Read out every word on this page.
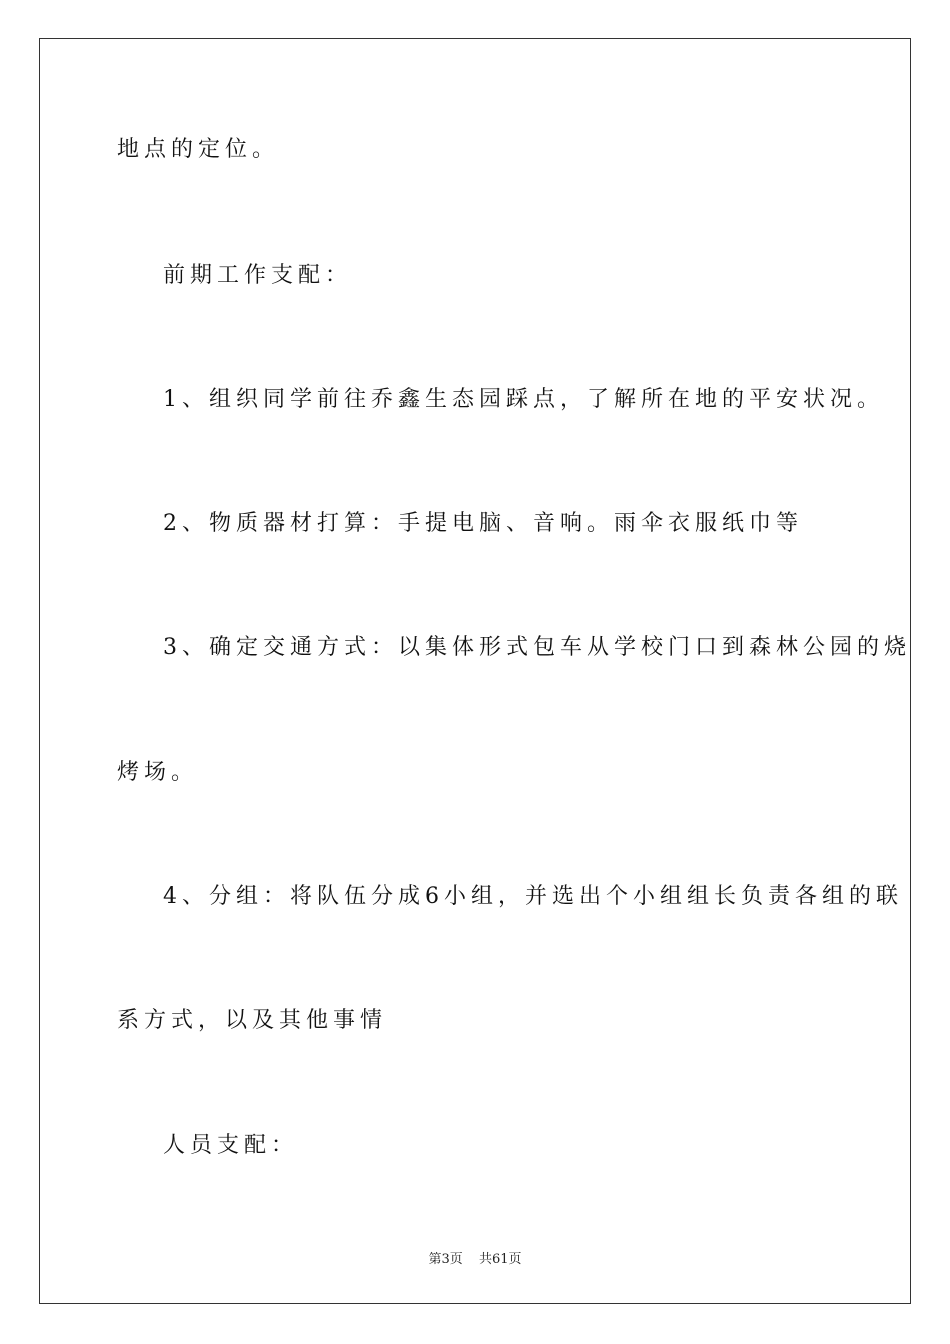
地点的定位。
前期工作支配：
1、组织同学前往乔鑫生态园踩点，了解所在地的平安状况。
2、物质器材打算：手提电脑、音响。雨伞衣服纸巾等
3、确定交通方式：以集体形式包车从学校门口到森林公园的烧
烤场。
4、分组：将队伍分成6小组，并选出个小组组长负责各组的联
系方式，以及其他事情
人员支配：
第3页 共61页
